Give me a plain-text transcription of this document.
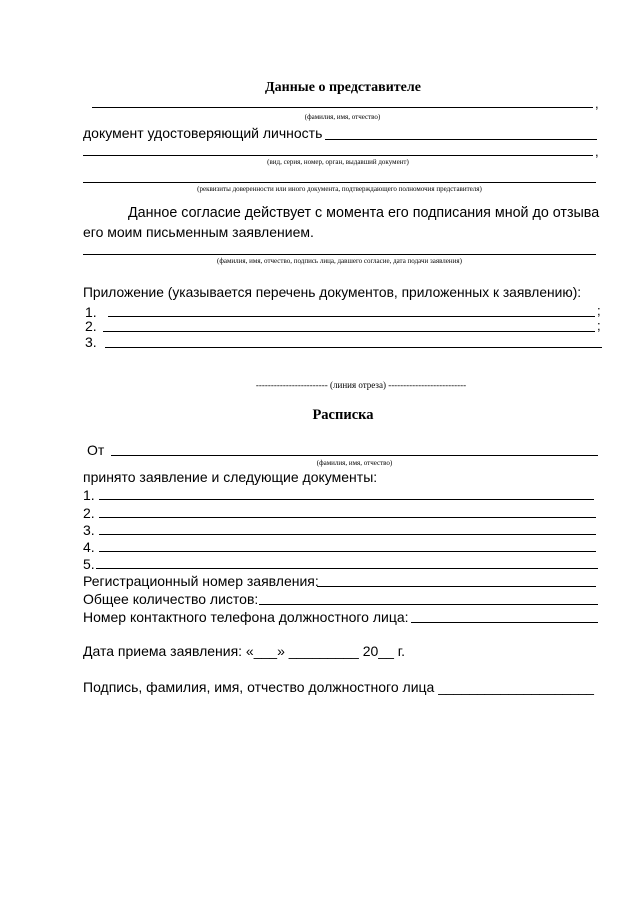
Данные о представителе
,
(фамилия, имя, отчество)
документ удостоверяющий личность
,
(вид, серия, номер, орган, выдавший документ)
(реквизиты доверенности или иного документа, подтверждающего полномочия представителя)
Данное согласие действует с момента его подписания мной до отзыва
его моим письменным заявлением.
(фамилия, имя, отчество, подпись лица, давшего согласие, дата подачи заявления)
Приложение (указывается перечень документов, приложенных к заявлению):
1.	;
2.	;
3.
------------------------ (линия отреза) --------------------------
Расписка
От
(фамилия, имя, отчество)
принято заявление и следующие документы:
1.
2.
3.
4.
5.
Регистрационный номер заявления:
Общее количество листов:
Номер контактного телефона должностного лица:
Дата приема заявления: «___» _________ 20__ г.
Подпись, фамилия, имя, отчество должностного лица ____________________
